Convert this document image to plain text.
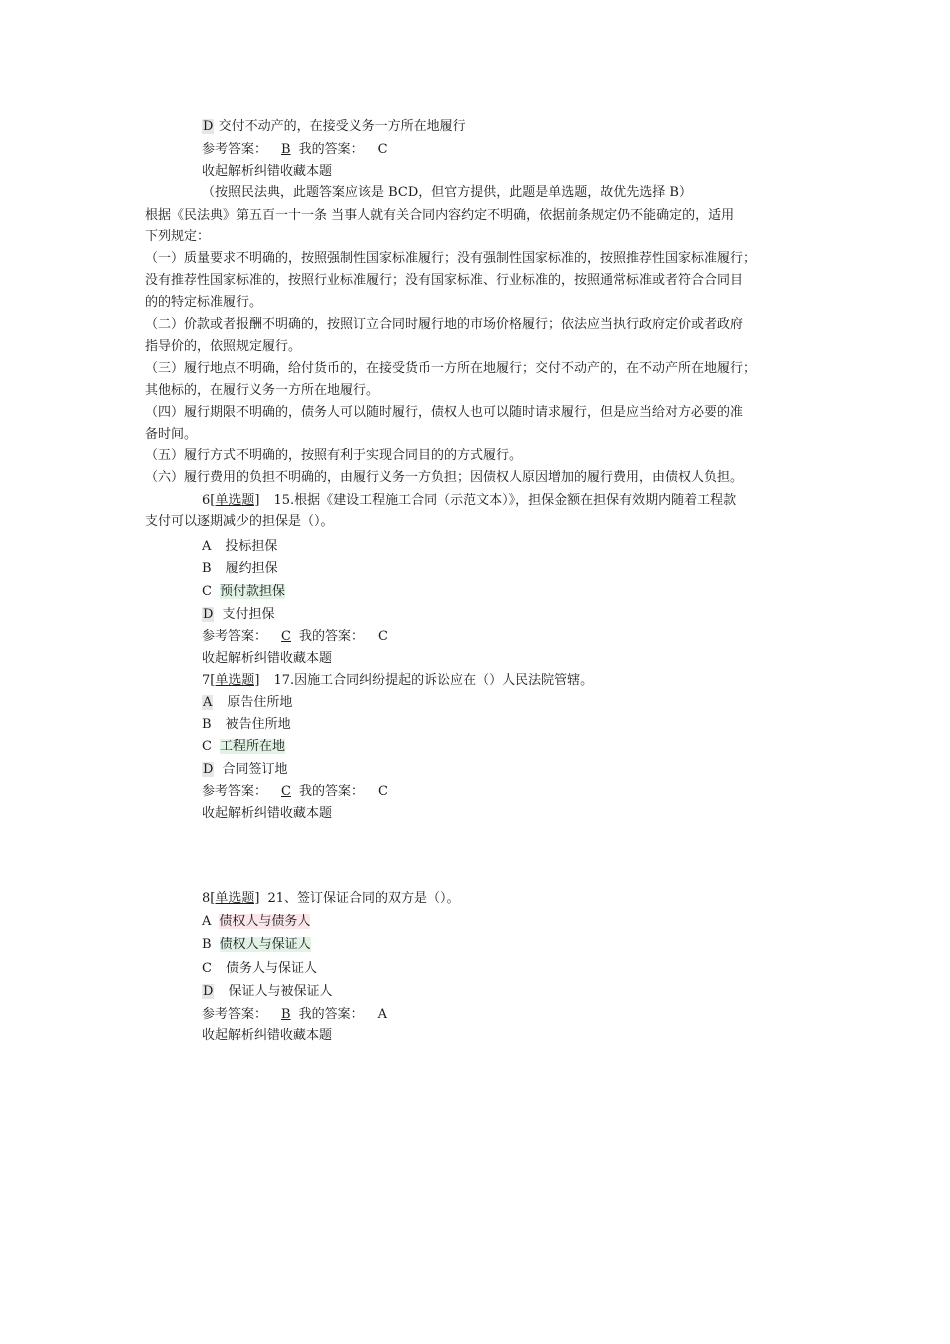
D 交付不动产的，在接受义务一方所在地履行
参考答案： B 我的答案： C
收起解析纠错收藏本题
（按照民法典，此题答案应该是 BCD，但官方提供，此题是单选题，故优先选择 B）
根据《民法典》第五百一十一条 当事人就有关合同内容约定不明确，依据前条规定仍不能确定的，适用
下列规定：
（一）质量要求不明确的，按照强制性国家标准履行；没有强制性国家标准的，按照推荐性国家标准履行；
没有推荐性国家标准的，按照行业标准履行；没有国家标准、行业标准的，按照通常标准或者符合合同目
的的特定标准履行。
（二）价款或者报酬不明确的，按照订立合同时履行地的市场价格履行；依法应当执行政府定价或者政府
指导价的，依照规定履行。
（三）履行地点不明确，给付货币的，在接受货币一方所在地履行；交付不动产的，在不动产所在地履行；
其他标的，在履行义务一方所在地履行。
（四）履行期限不明确的，债务人可以随时履行，债权人也可以随时请求履行，但是应当给对方必要的准
备时间。
（五）履行方式不明确的，按照有利于实现合同目的的方式履行。
（六）履行费用的负担不明确的，由履行义务一方负担；因债权人原因增加的履行费用，由债权人负担。
6[单选题] 15.根据《建设工程施工合同（示范文本）》，担保金额在担保有效期内随着工程款
支付可以逐期减少的担保是（）。
A 投标担保
B 履约担保
C 预付款担保
D 支付担保
参考答案： C 我的答案： C
收起解析纠错收藏本题
7[单选题] 17.因施工合同纠纷提起的诉讼应在（）人民法院管辖。
A 原告住所地
B 被告住所地
C 工程所在地
D 合同签订地
参考答案： C 我的答案： C
收起解析纠错收藏本题
8[单选题] 21、签订保证合同的双方是（）。
A 债权人与债务人
B 债权人与保证人
C 债务人与保证人
D 保证人与被保证人
参考答案： B 我的答案： A
收起解析纠错收藏本题
